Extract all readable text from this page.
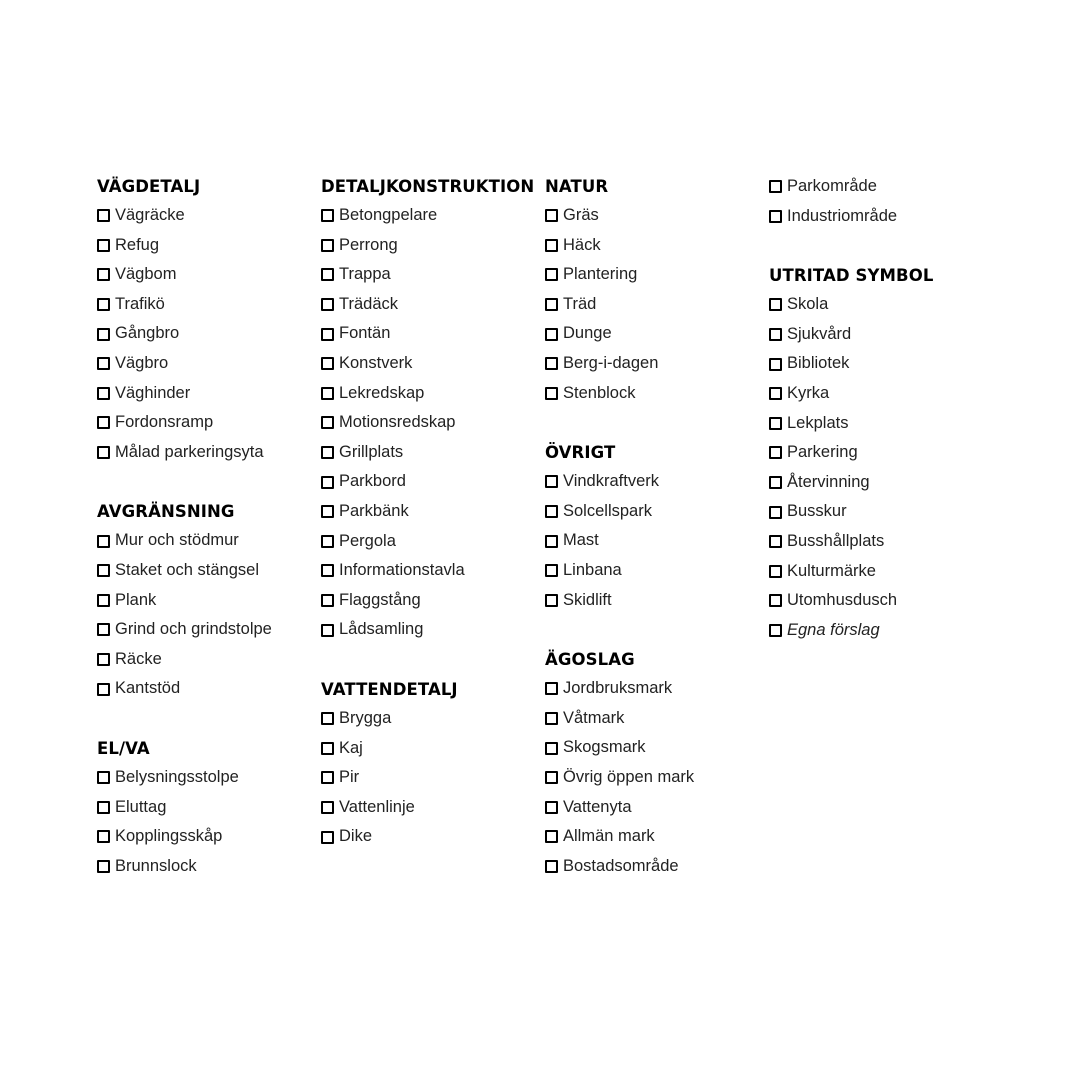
VÄGDETALJ
Vägräcke
Refug
Vägbom
Trafikö
Gångbro
Vägbro
Väghinder
Fordonsramp
Målad parkeringsyta
AVGRÄNSNING
Mur och stödmur
Staket och stängsel
Plank
Grind och grindstolpe
Räcke
Kantstöd
EL/VA
Belysningsstolpe
Eluttag
Kopplingsskåp
Brunnslock
DETALJKONSTRUKTION
Betongpelare
Perrong
Trappa
Trädäck
Fontän
Konstverk
Lekredskap
Motionsredskap
Grillplats
Parkbord
Parkbänk
Pergola
Informationstavla
Flaggstång
Lådsamling
VATTENDETALJ
Brygga
Kaj
Pir
Vattenlinje
Dike
NATUR
Gräs
Häck
Plantering
Träd
Dunge
Berg-i-dagen
Stenblock
ÖVRIGT
Vindkraftverk
Solcellspark
Mast
Linbana
Skidlift
ÄGOSLAG
Jordbruksmark
Våtmark
Skogsmark
Övrig öppen mark
Vattenyta
Allmän mark
Bostadsområde
Parkområde
Industriområde
UTRITAD SYMBOL
Skola
Sjukvård
Bibliotek
Kyrka
Lekplats
Parkering
Återvinning
Busskur
Busshållplats
Kulturmärke
Utomhusdusch
Egna förslag
